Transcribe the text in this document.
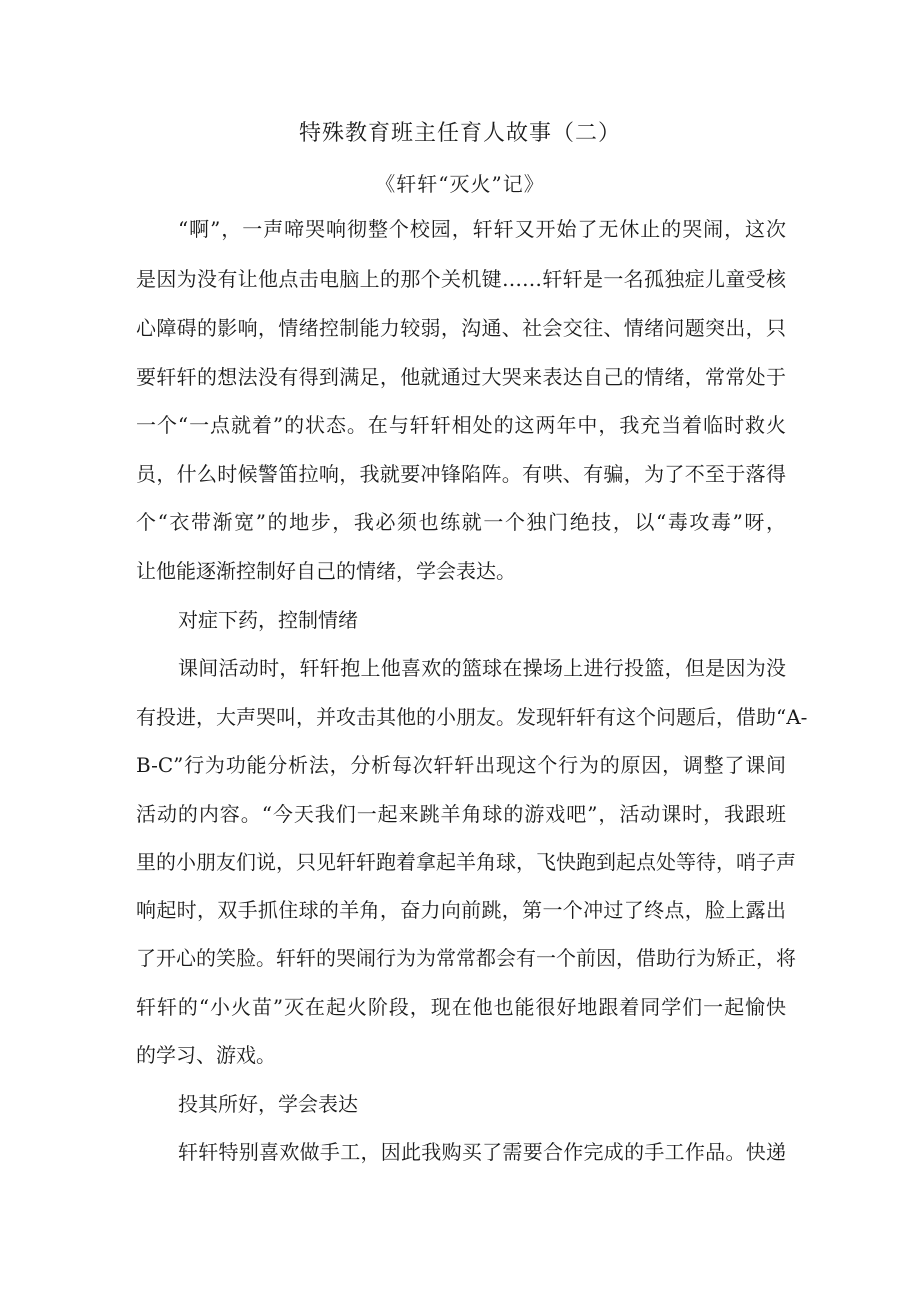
特殊教育班主任育人故事（二）
《轩轩“灭火”记》
“啊”，一声啼哭响彻整个校园，轩轩又开始了无休止的哭闹，这次
是因为没有让他点击电脑上的那个关机键……轩轩是一名孤独症儿童受核
心障碍的影响，情绪控制能力较弱，沟通、社会交往、情绪问题突出，只
要轩轩的想法没有得到满足，他就通过大哭来表达自己的情绪，常常处于
一个“一点就着”的状态。在与轩轩相处的这两年中，我充当着临时救火
员，什么时候警笛拉响，我就要冲锋陷阵。有哄、有骗，为了不至于落得
个“衣带渐宽”的地步，我必须也练就一个独门绝技，以“毒攻毒”呀，
让他能逐渐控制好自己的情绪，学会表达。
对症下药，控制情绪
课间活动时，轩轩抱上他喜欢的篮球在操场上进行投篮，但是因为没
有投进，大声哭叫，并攻击其他的小朋友。发现轩轩有这个问题后，借助“A-
B-C”行为功能分析法，分析每次轩轩出现这个行为的原因，调整了课间
活动的内容。“今天我们一起来跳羊角球的游戏吧”，活动课时，我跟班
里的小朋友们说，只见轩轩跑着拿起羊角球，飞快跑到起点处等待，哨子声
响起时，双手抓住球的羊角，奋力向前跳，第一个冲过了终点，脸上露出
了开心的笑脸。轩轩的哭闹行为为常常都会有一个前因，借助行为矫正，将
轩轩的“小火苗”灭在起火阶段，现在他也能很好地跟着同学们一起愉快
的学习、游戏。
投其所好，学会表达
轩轩特别喜欢做手工，因此我购买了需要合作完成的手工作品。快递
